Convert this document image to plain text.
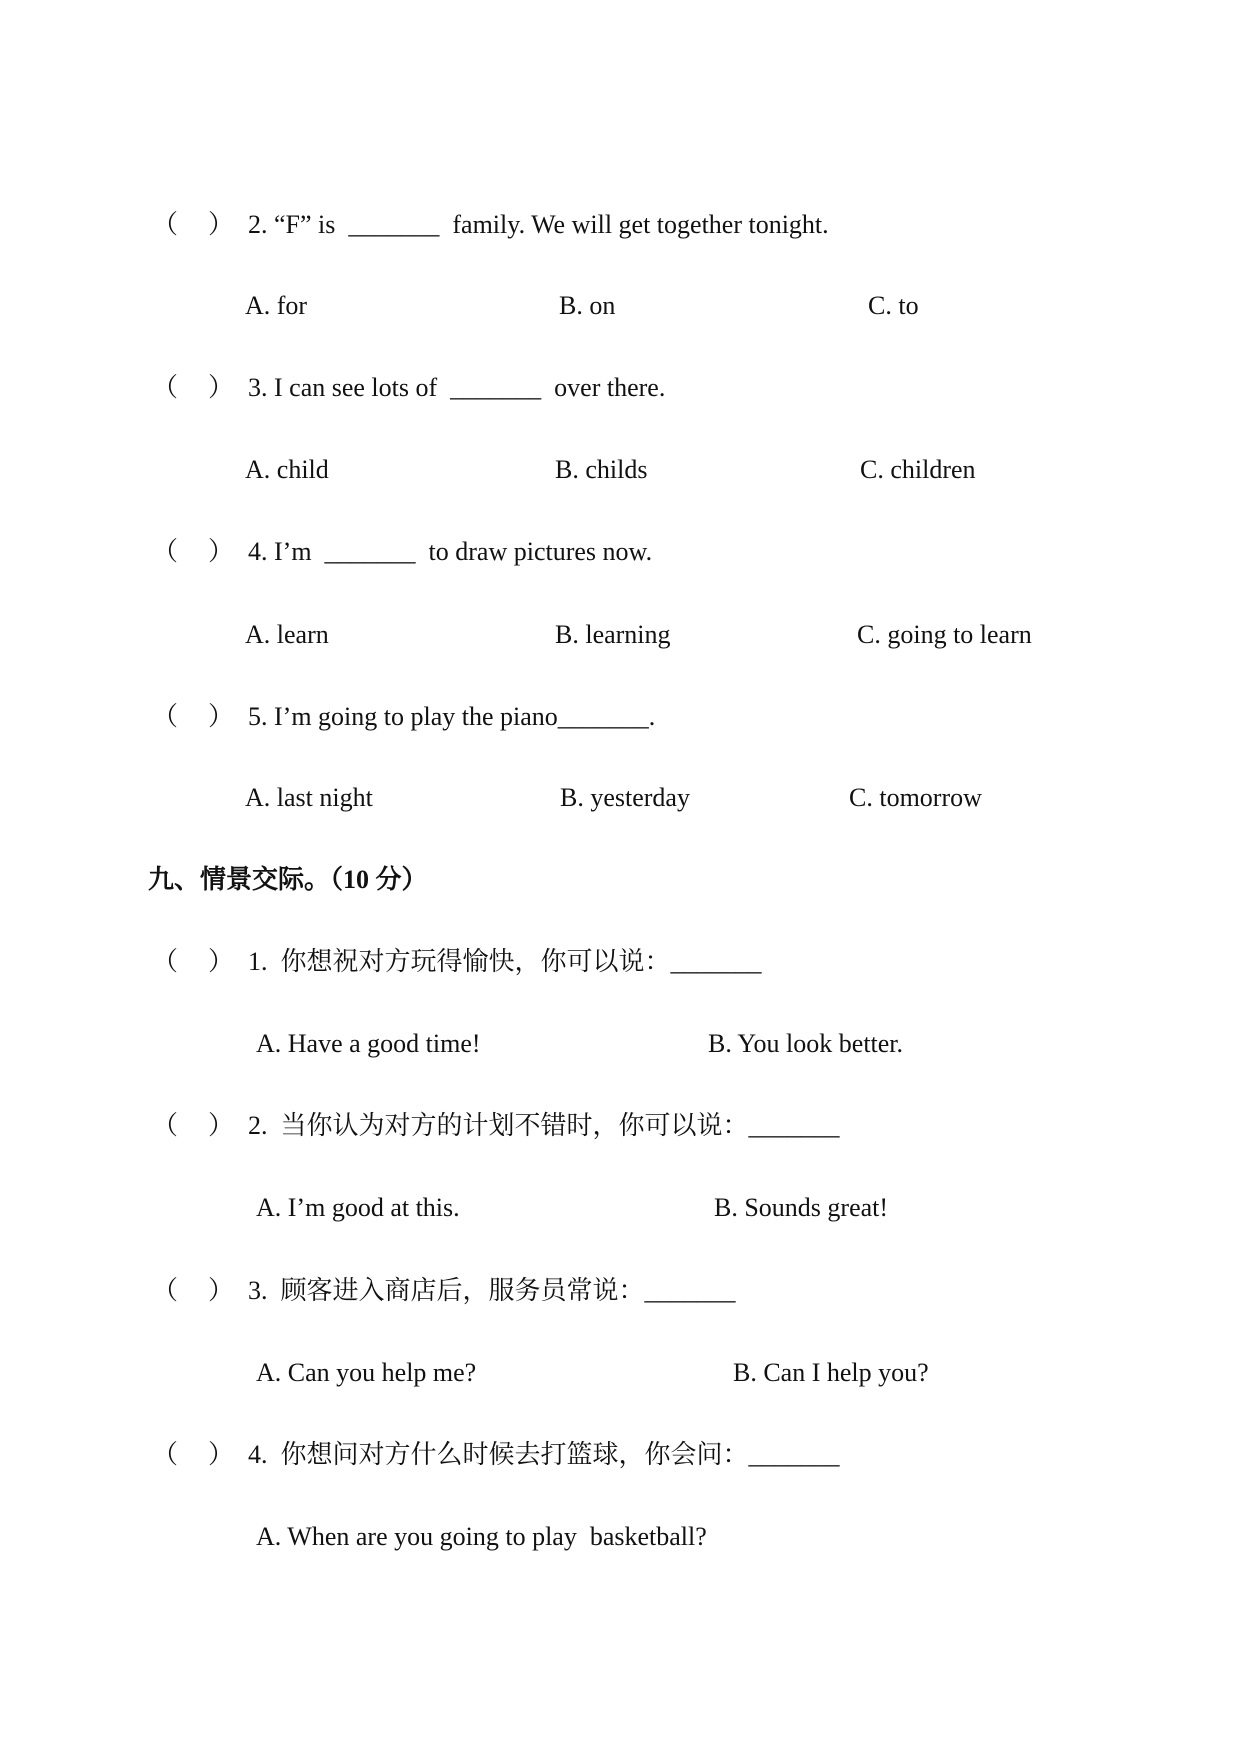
（ ） 2. “F” is  _______  family. We will get together tonight.
A. for	B. on	C. to
（ ） 3. I can see lots of  _______  over there.
A. child	B. childs	C. children
（ ） 4. I’m  _______  to draw pictures now.
A. learn	B. learning	C. going to learn
（ ） 5. I’m going to play the piano_______.
A. last night	B. yesterday	C. tomorrow
九、情景交际。（10 分）
（ ） 1.  你想祝对方玩得愉快，你可以说：_______
A. Have a good time!	B. You look better.
（ ） 2.  当你认为对方的计划不错时，你可以说：_______
A. I’m good at this.	B. Sounds great!
（ ） 3.  顾客进入商店后，服务员常说：_______
A. Can you help me?	B. Can I help you?
（ ） 4.  你想问对方什么时候去打篮球，你会问：_______
A. When are you going to play  basketball?
